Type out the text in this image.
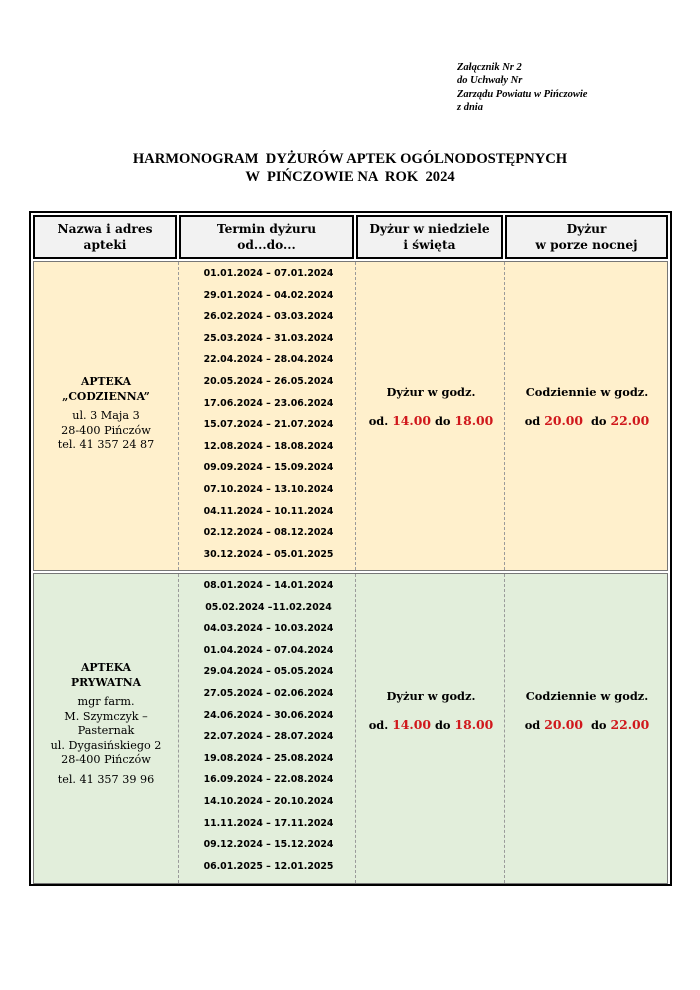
Załącznik Nr 2
do Uchwały Nr
Zarządu Powiatu w Pińczowie
z dnia
HARMONOGRAM  DYŻURÓW APTEK OGÓLNODOSTĘPNYCH
W  PIŃCZOWIE NA  ROK  2024
Nazwa i adres
apteki
Termin dyżuru
od...do...
Dyżur w niedziele
i święta
Dyżur
w porze nocnej
APTEKA
„CODZIENNA”
ul. 3 Maja 3
28-400 Pińczów
tel. 41 357 24 87
01.01.2024 – 07.01.2024
29.01.2024 – 04.02.2024
26.02.2024 – 03.03.2024
25.03.2024 – 31.03.2024
22.04.2024 – 28.04.2024
20.05.2024 – 26.05.2024
17.06.2024 – 23.06.2024
15.07.2024 – 21.07.2024
12.08.2024 – 18.08.2024
09.09.2024 – 15.09.2024
07.10.2024 – 13.10.2024
04.11.2024 – 10.11.2024
02.12.2024 – 08.12.2024
30.12.2024 – 05.01.2025
Dyżur w godz.
od. 14.00 do 18.00
Codziennie w godz.
od 20.00 do 22.00
APTEKA
PRYWATNA
mgr farm.
M. Szymczyk –
Pasternak
ul. Dygasińskiego 2
28-400 Pińczów
tel. 41 357 39 96
08.01.2024 – 14.01.2024
05.02.2024 –11.02.2024
04.03.2024 – 10.03.2024
01.04.2024 – 07.04.2024
29.04.2024 – 05.05.2024
27.05.2024 – 02.06.2024
24.06.2024 – 30.06.2024
22.07.2024 – 28.07.2024
19.08.2024 – 25.08.2024
16.09.2024 – 22.08.2024
14.10.2024 – 20.10.2024
11.11.2024 – 17.11.2024
09.12.2024 – 15.12.2024
06.01.2025 – 12.01.2025
Dyżur w godz.
od. 14.00 do 18.00
Codziennie w godz.
od 20.00 do 22.00
